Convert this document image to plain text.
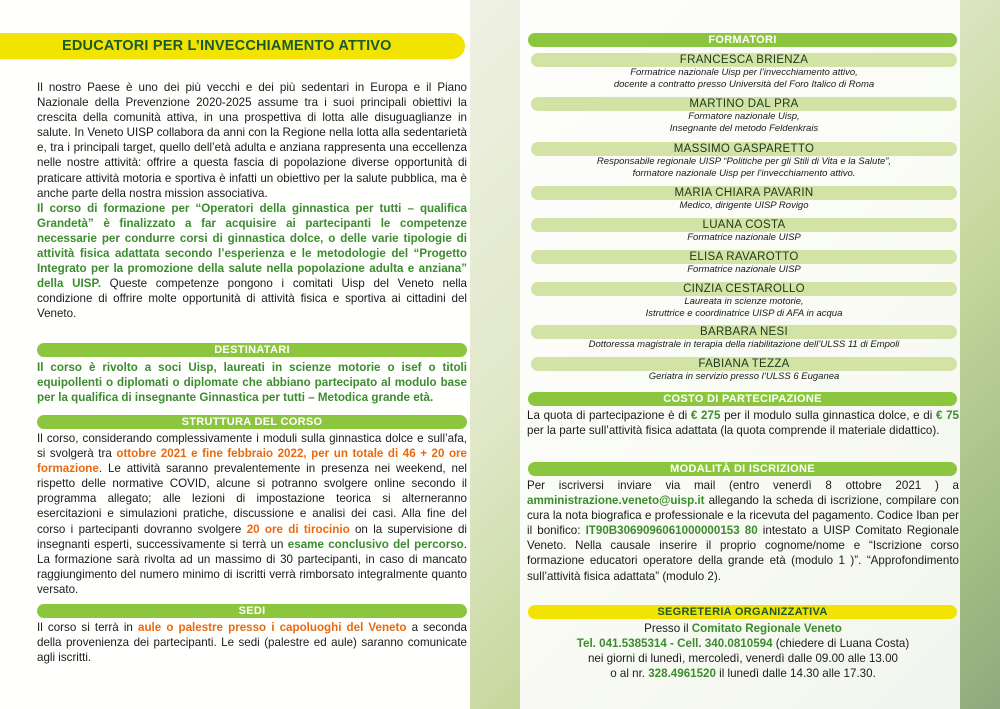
EDUCATORI PER L’INVECCHIAMENTO ATTIVO

Il nostro Paese è uno dei più vecchi e dei più sedentari in Europa e il Piano Nazionale della Prevenzione 2020-2025 assume tra i suoi principali obiettivi la crescita della comunità attiva, in una prospettiva di lotta alle disuguaglianze in salute. In Veneto UISP collabora da anni con la Regione nella lotta alla sedentarietà e, tra i principali target, quello dell’età adulta e anziana rappresenta una eccellenza nelle nostre attività: offrire a questa fascia di popolazione diverse opportunità di praticare attività motoria e sportiva è infatti un obiettivo per la salute pubblica, ma è anche parte della nostra mission associativa.

Il corso di formazione per “Operatori della ginnastica per tutti – qualifica Grandetà” è finalizzato a far acquisire ai partecipanti le competenze necessarie per condurre corsi di ginnastica dolce, o delle varie tipologie di attività fisica adattata secondo l’esperienza e le metodologie del “Progetto Integrato per la promozione della salute nella popolazione adulta e anziana” della UISP. Queste competenze pongono i comitati Uisp del Veneto nella condizione di offrire molte opportunità di attività fisica e sportiva ai cittadini del Veneto.

DESTINATARI
Il corso è rivolto a soci Uisp, laureati in scienze motorie o isef o titoli equipollenti o diplomati o diplomate che abbiano partecipato al modulo base per la qualifica di insegnante Ginnastica per tutti – Metodica grande età.
STRUTTURA DEL CORSO
Il corso, considerando complessivamente i moduli sulla ginnastica dolce e sull’afa, si svolgerà tra ottobre 2021 e fine febbraio 2022, per un totale di 46 + 20 ore formazione. Le attività saranno prevalentemente in presenza nei weekend, nel rispetto delle normative COVID, alcune si potranno svolgere online secondo il programma allegato; alle lezioni di impostazione teorica si alterneranno esercitazioni e simulazioni pratiche, discussione e analisi dei casi. Alla fine del corso i partecipanti dovranno svolgere 20 ore di tirocinio on la supervisione di insegnanti esperti, successivamente si terrà un esame conclusivo del percorso. La formazione sarà rivolta ad un massimo di 30 partecipanti, in caso di mancato raggiungimento del numero minimo di iscritti verrà rimborsato integralmente quanto versato.
SEDI
Il corso si terrà in aule o palestre presso i capoluoghi del Veneto a seconda della provenienza dei partecipanti. Le sedi (palestre ed aule) saranno comunicate agli iscritti.
FORMATORI
FRANCESCA BRIENZA
Formatrice nazionale Uisp per l’invecchiamento attivo,
docente a contratto presso Università del Foro Italico di Roma
MARTINO DAL PRA
Formatore nazionale Uisp,
Insegnante del metodo Feldenkrais
MASSIMO GASPARETTO
Responsabile regionale UISP “Politiche per gli Stili di Vita e la Salute”,
formatore nazionale Uisp per l’invecchiamento attivo.
MARIA CHIARA PAVARIN
Medico, dirigente UISP Rovigo
LUANA COSTA
Formatrice nazionale UISP
ELISA RAVAROTTO
Formatrice nazionale UISP
CINZIA CESTAROLLO
Laureata in scienze motorie,
Istruttrice e coordinatrice UISP di AFA in acqua
BARBARA NESI
Dottoressa magistrale in terapia della riabilitazione dell’ULSS 11 di Empoli
FABIANA TEZZA
Geriatra in servizio presso l’ULSS 6 Euganea
COSTO DI PARTECIPAZIONE
La quota di partecipazione è di € 275 per il modulo sulla ginnastica dolce, e di € 75 per la parte sull’attività fisica adattata (la quota comprende il materiale didattico).
MODALITÀ DI ISCRIZIONE
Per iscriversi inviare via mail (entro venerdì 8 ottobre 2021 ) a amministrazione.veneto@uisp.it allegando la scheda di iscrizione, compilare con cura la nota biografica e professionale e la ricevuta del pagamento. Codice Iban per il bonifico: IT90B3069096061000000153 80 intestato a UISP Comitato Regionale Veneto. Nella causale inserire il proprio cognome/nome e “Iscrizione corso formazione educatori operatore della grande età (modulo 1 )”. “Approfondimento sull’attività fisica adattata” (modulo 2).
SEGRETERIA ORGANIZZATIVA
Presso il Comitato Regionale Veneto
Tel. 041.5385314 - Cell. 340.0810594 (chiedere di Luana Costa)
nei giorni di lunedì, mercoledì, venerdì dalle 09.00 alle 13.00
o al nr. 328.4961520 il lunedì dalle 14.30 alle 17.30.
